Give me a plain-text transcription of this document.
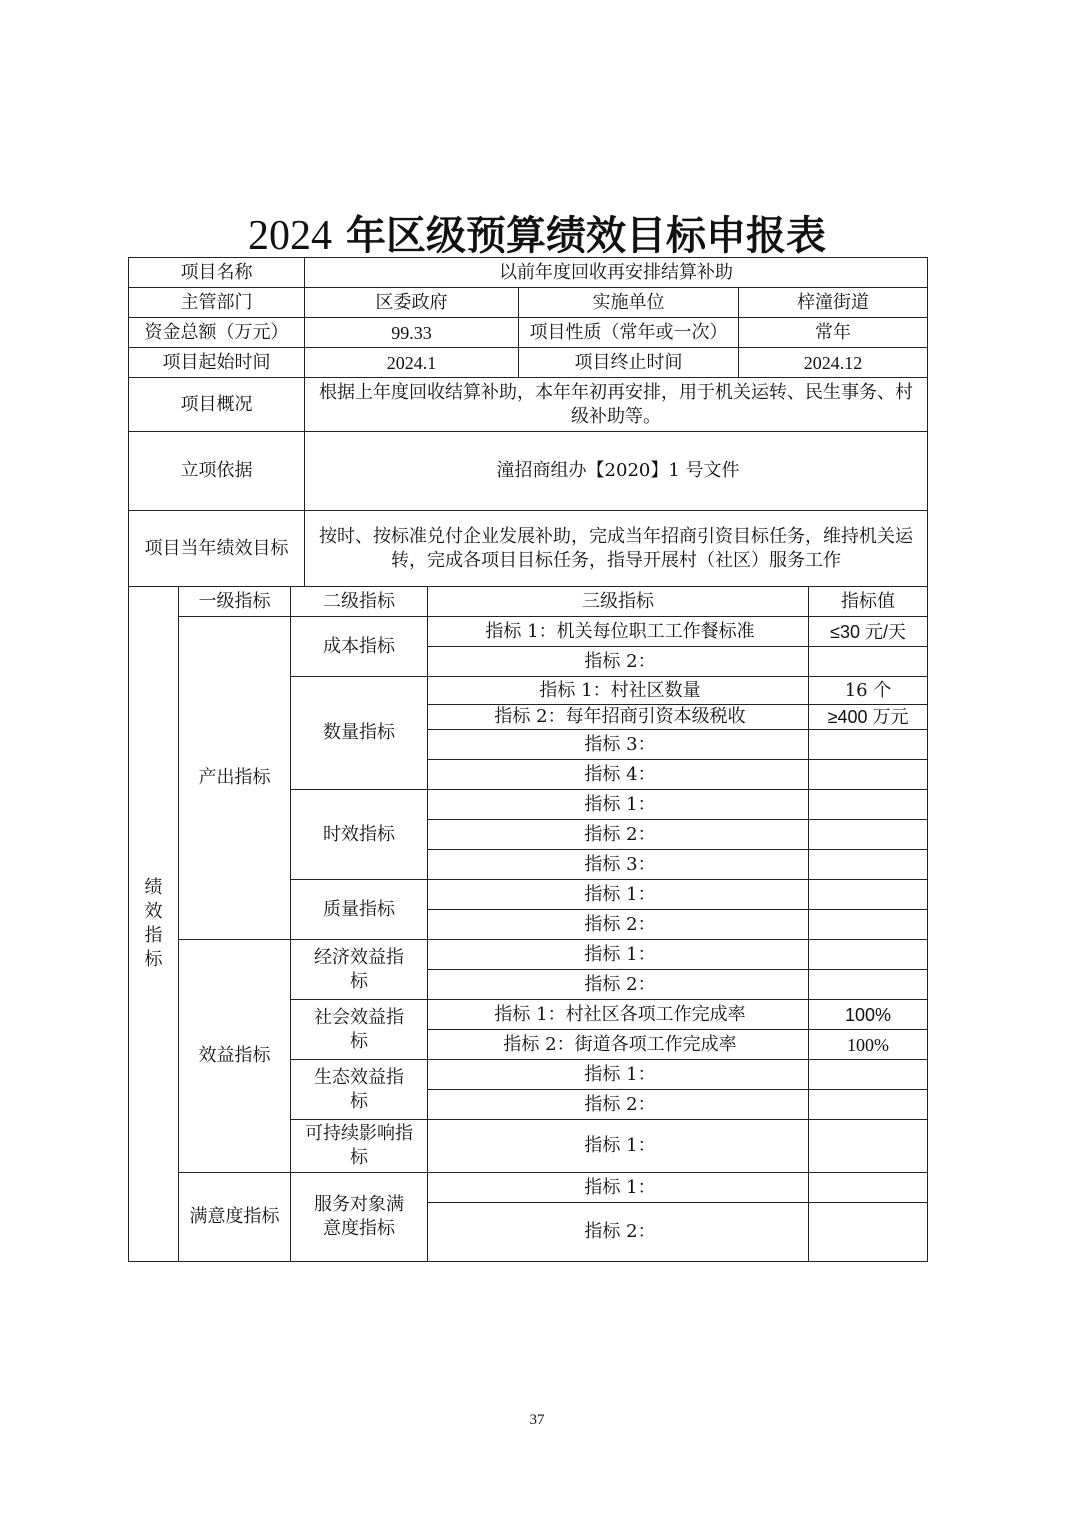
2024 年区级预算绩效目标申报表
项目名称			以前年度回收再安排结算补助				
主管部门			区委政府		实施单位	梓潼街道	
资金总额（万元）			99.33		项目性质（常年或一次）	常年	
项目起始时间			2024.1		项目终止时间	2024.12	
项目概况			根据上年度回收结算补助，本年年初再安排，用于机关运转、民生事务、村级补助等。				
立项依据			潼招商组办【2020】1 号文件				
项目当年绩效目标			按时、按标准兑付企业发展补助，完成当年招商引资目标任务，维持机关运转，完成各项目目标任务，指导开展村（社区）服务工作				

绩效指标	一级指标	二级指标		三级指标			指标值
	产出指标	成本指标		指标 1：机关每位职工工作餐标准			≤30 元/天
				指标 2：			
		数量指标		指标 1：村社区数量			16 个
				指标 2：每年招商引资本级税收			≥400 万元
				指标 3：			
				指标 4：			
		时效指标		指标 1：			
				指标 2：			
				指标 3：			
		质量指标		指标 1：			
				指标 2：			
	效益指标	经济效益指标		指标 1：			
				指标 2：			
		社会效益指标		指标 1：村社区各项工作完成率			100%
				指标 2：街道各项工作完成率			100%
		生态效益指标		指标 1：			
				指标 2：			
		可持续影响指标		指标 1：			
	满意度指标	服务对象满意度指标		指标 1：			
				指标 2：			
37
